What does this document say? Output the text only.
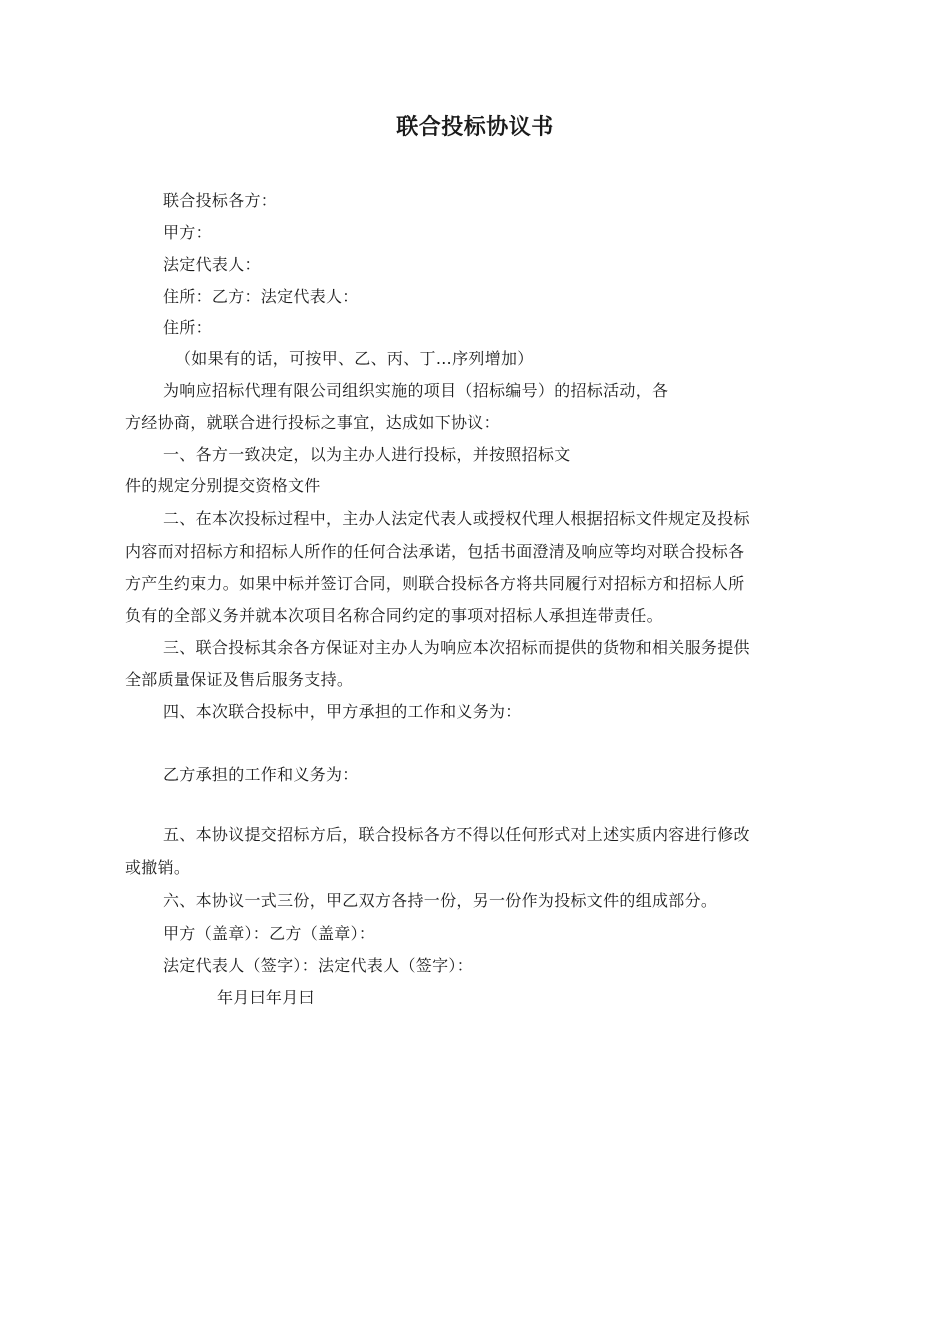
联合投标协议书
联合投标各方：
甲方：
法定代表人：
住所：乙方：法定代表人：
住所：
（如果有的话，可按甲、乙、丙、丁…序列增加）
为响应招标代理有限公司组织实施的项目（招标编号）的招标活动，各
方经协商，就联合进行投标之事宜，达成如下协议：
一、各方一致决定，以为主办人进行投标，并按照招标文
件的规定分别提交资格文件
二、在本次投标过程中，主办人法定代表人或授权代理人根据招标文件规定及投标
内容而对招标方和招标人所作的任何合法承诺，包括书面澄清及响应等均对联合投标各
方产生约束力。如果中标并签订合同，则联合投标各方将共同履行对招标方和招标人所
负有的全部义务并就本次项目名称合同约定的事项对招标人承担连带责任。
三、联合投标其余各方保证对主办人为响应本次招标而提供的货物和相关服务提供
全部质量保证及售后服务支持。
四、本次联合投标中，甲方承担的工作和义务为：
乙方承担的工作和义务为：
五、本协议提交招标方后，联合投标各方不得以任何形式对上述实质内容进行修改
或撤销。
六、本协议一式三份，甲乙双方各持一份，另一份作为投标文件的组成部分。
甲方（盖章）：乙方（盖章）：
法定代表人（签字）：法定代表人（签字）：
年月曰年月曰
